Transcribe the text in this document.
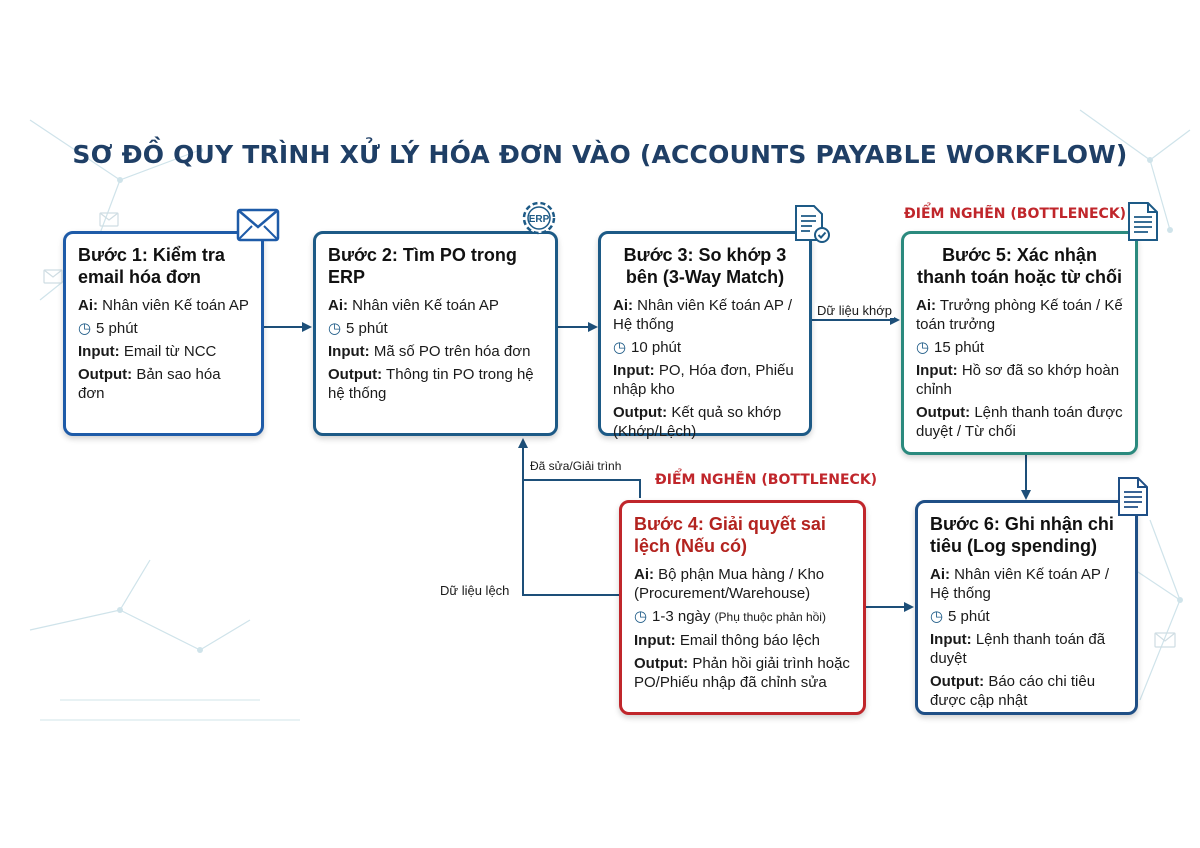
SƠ ĐỒ QUY TRÌNH XỬ LÝ HÓA ĐƠN VÀO (ACCOUNTS PAYABLE WORKFLOW)
Bước 1: Kiểm tra email hóa đơn
Ai: Nhân viên Kế toán AP
◷ 5 phút
Input: Email từ NCC
Output: Bản sao hóa đơn
Bước 2: Tìm PO trong ERP
Ai: Nhân viên Kế toán AP
◷ 5 phút
Input: Mã số PO trên hóa đơn
Output: Thông tin PO trong hệ hệ thống
ERP
Bước 3: So khớp 3 bên (3-Way Match)
Ai: Nhân viên Kế toán AP / Hệ thống
◷ 10 phút
Input: PO, Hóa đơn, Phiếu nhập kho
Output: Kết quả so khớp (Khớp/Lệch)
ĐIỂM NGHẼN (BOTTLENECK)
Bước 5: Xác nhận thanh toán hoặc từ chối
Ai: Trưởng phòng Kế toán / Kế toán trưởng
◷ 15 phút
Input: Hồ sơ đã so khớp hoàn chỉnh
Output: Lệnh thanh toán được duyệt / Từ chối
ĐIỂM NGHẼN (BOTTLENECK)
Bước 4: Giải quyết sai lệch (Nếu có)
Ai: Bộ phận Mua hàng / Kho (Procurement/Warehouse)
◷ 1-3 ngày (Phụ thuộc phản hồi)
Input: Email thông báo lệch
Output: Phản hồi giải trình hoặc PO/Phiếu nhập đã chỉnh sửa
Bước 6: Ghi nhận chi tiêu (Log spending)
Ai: Nhân viên Kế toán AP / Hệ thống
◷ 5 phút
Input: Lệnh thanh toán đã duyệt
Output: Báo cáo chi tiêu được cập nhật
Dữ liệu khớp
Dữ liệu lệch
Đã sửa/Giải trình
